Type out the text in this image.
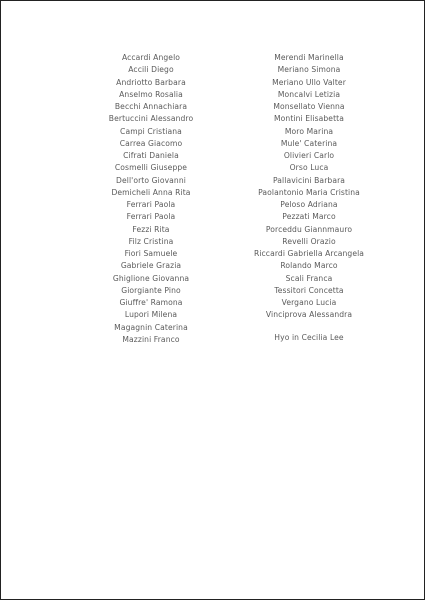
Accardi Angelo
Accili Diego
Andriotto Barbara
Anselmo Rosalia
Becchi Annachiara
Bertuccini Alessandro
Campi Cristiana
Carrea Giacomo
Cifrati Daniela
Cosmelli Giuseppe
Dell'orto Giovanni
Demicheli Anna Rita
Ferrari Paola
Ferrari Paola
Fezzi Rita
Filz Cristina
Fiori Samuele
Gabriele Grazia
Ghiglione Giovanna
Giorgiante Pino
Giuffre' Ramona
Lupori Milena
Magagnin Caterina
Mazzini Franco
Merendi Marinella
Meriano Simona
Meriano Ullo Valter
Moncalvi Letizia
Monsellato Vienna
Montini Elisabetta
Moro Marina
Mule' Caterina
Olivieri Carlo
Orso Luca
Pallavicini Barbara
Paolantonio Maria Cristina
Peloso Adriana
Pezzati Marco
Porceddu Giannmauro
Revelli Orazio
Riccardi Gabriella Arcangela
Rolando Marco
Scali Franca
Tessitori Concetta
Vergano Lucia
Vinciprova Alessandra
Hyo in Cecilia Lee
